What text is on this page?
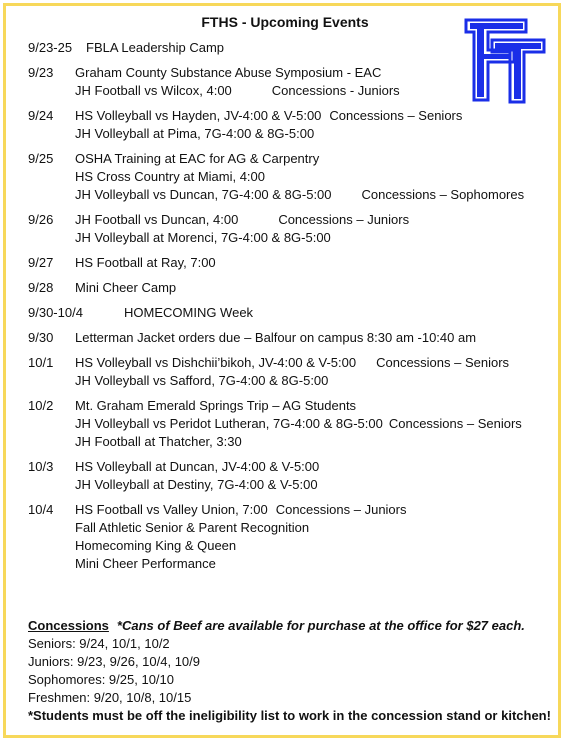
FTHS - Upcoming Events
9/23-25 FBLA Leadership Camp
9/23 Graham County Substance Abuse Symposium - EAC
JH Football vs Wilcox, 4:00	Concessions - Juniors
9/24 HS Volleyball vs Hayden, JV-4:00 & V-5:00 Concessions – Seniors
JH Volleyball at Pima, 7G-4:00 & 8G-5:00
9/25 OSHA Training at EAC for AG & Carpentry
HS Cross Country at Miami, 4:00
JH Volleyball vs Duncan, 7G-4:00 & 8G-5:00 Concessions – Sophomores
9/26 JH Football vs Duncan, 4:00	Concessions – Juniors
JH Volleyball at Morenci, 7G-4:00 & 8G-5:00
9/27 HS Football at Ray, 7:00
9/28 Mini Cheer Camp
9/30-10/4	HOMECOMING Week
9/30 Letterman Jacket orders due – Balfour on campus 8:30 am -10:40 am
10/1 HS Volleyball vs Dishchii’bikoh, JV-4:00 & V-5:00 Concessions – Seniors
JH Volleyball vs Safford, 7G-4:00 & 8G-5:00
10/2 Mt. Graham Emerald Springs Trip – AG Students
JH Volleyball vs Peridot Lutheran, 7G-4:00 & 8G-5:00 Concessions – Seniors
JH Football at Thatcher, 3:30
10/3 HS Volleyball at Duncan, JV-4:00 & V-5:00
JH Volleyball at Destiny, 7G-4:00 & V-5:00
10/4 HS Football vs Valley Union, 7:00 Concessions – Juniors
Fall Athletic Senior & Parent Recognition
Homecoming King & Queen
Mini Cheer Performance
Concessions *Cans of Beef are available for purchase at the office for $27 each.
Seniors: 9/24, 10/1, 10/2
Juniors: 9/23, 9/26, 10/4, 10/9
Sophomores: 9/25, 10/10
Freshmen: 9/20, 10/8, 10/15
*Students must be off the ineligibility list to work in the concession stand or kitchen!
